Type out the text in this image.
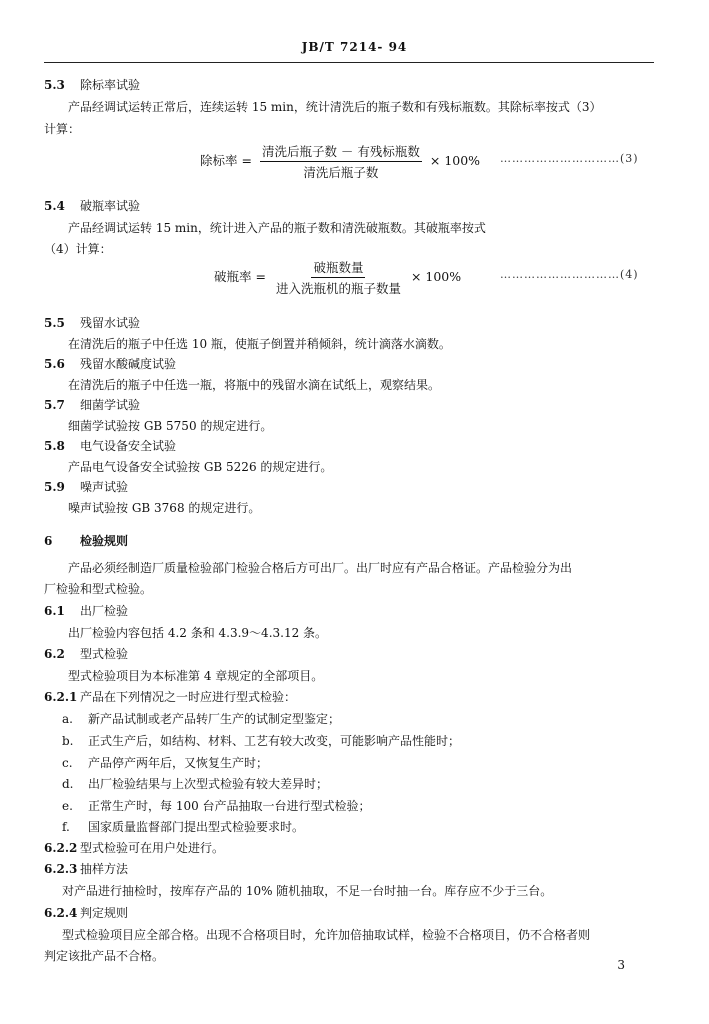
JB/T 7214- 94
5.3 除标率试验
产品经调试运转正常后，连续运转 15 min，统计清洗后的瓶子数和有残标瓶数。其除标率按式（3）
计算：
除标率 = $\frac{\text{清洗后瓶子数 － 有残标瓶数}}{\text{清洗后瓶子数}} \times 100\%$ …………………………(3)
5.4 破瓶率试验
产品经调试运转 15 min，统计进入产品的瓶子数和清洗破瓶数。其破瓶率按式
（4）计算：
破瓶率 = $\frac{\text{破瓶数量}}{\text{进入洗瓶机的瓶子数量}} \times 100\%$	…………………………(4)
5.5 残留水试验
在清洗后的瓶子中任选 10 瓶，使瓶子倒置并稍倾斜，统计滴落水滴数。
5.6 残留水酸碱度试验
在清洗后的瓶子中任选一瓶，将瓶中的残留水滴在试纸上，观察结果。
5.7 细菌学试验
细菌学试验按 GB 5750 的规定进行。
5.8 电气设备安全试验
产品电气设备安全试验按 GB 5226 的规定进行。
5.9 噪声试验
噪声试验按 GB 3768 的规定进行。
6 检验规则
产品必须经制造厂质量检验部门检验合格后方可出厂。出厂时应有产品合格证。产品检验分为出
厂检验和型式检验。
6.1 出厂检验
出厂检验内容包括 4.2 条和 4.3.9～4.3.12 条。
6.2 型式检验
型式检验项目为本标准第 4 章规定的全部项目。
6.2.1 产品在下列情况之一时应进行型式检验：
a. 新产品试制或老产品转厂生产的试制定型鉴定；
b. 正式生产后，如结构、材料、工艺有较大改变，可能影响产品性能时；
c. 产品停产两年后，又恢复生产时；
d. 出厂检验结果与上次型式检验有较大差异时；
e. 正常生产时，每 100 台产品抽取一台进行型式检验；
f. 国家质量监督部门提出型式检验要求时。
6.2.2 型式检验可在用户处进行。
6.2.3 抽样方法
对产品进行抽检时，按库存产品的 10% 随机抽取，不足一台时抽一台。库存应不少于三台。
6.2.4 判定规则
型式检验项目应全部合格。出现不合格项目时，允许加倍抽取试样，检验不合格项目，仍不合格者则
判定该批产品不合格。
3
